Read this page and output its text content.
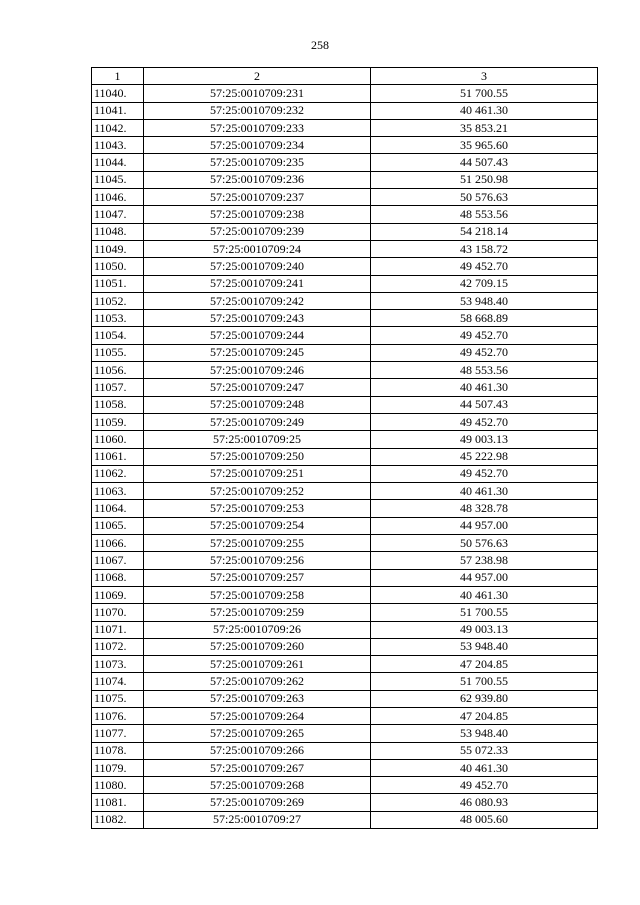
258
1	2	3
11040.	57:25:0010709:231	51 700.55
11041.	57:25:0010709:232	40 461.30
11042.	57:25:0010709:233	35 853.21
11043.	57:25:0010709:234	35 965.60
11044.	57:25:0010709:235	44 507.43
11045.	57:25:0010709:236	51 250.98
11046.	57:25:0010709:237	50 576.63
11047.	57:25:0010709:238	48 553.56
11048.	57:25:0010709:239	54 218.14
11049.	57:25:0010709:24	43 158.72
11050.	57:25:0010709:240	49 452.70
11051.	57:25:0010709:241	42 709.15
11052.	57:25:0010709:242	53 948.40
11053.	57:25:0010709:243	58 668.89
11054.	57:25:0010709:244	49 452.70
11055.	57:25:0010709:245	49 452.70
11056.	57:25:0010709:246	48 553.56
11057.	57:25:0010709:247	40 461.30
11058.	57:25:0010709:248	44 507.43
11059.	57:25:0010709:249	49 452.70
11060.	57:25:0010709:25	49 003.13
11061.	57:25:0010709:250	45 222.98
11062.	57:25:0010709:251	49 452.70
11063.	57:25:0010709:252	40 461.30
11064.	57:25:0010709:253	48 328.78
11065.	57:25:0010709:254	44 957.00
11066.	57:25:0010709:255	50 576.63
11067.	57:25:0010709:256	57 238.98
11068.	57:25:0010709:257	44 957.00
11069.	57:25:0010709:258	40 461.30
11070.	57:25:0010709:259	51 700.55
11071.	57:25:0010709:26	49 003.13
11072.	57:25:0010709:260	53 948.40
11073.	57:25:0010709:261	47 204.85
11074.	57:25:0010709:262	51 700.55
11075.	57:25:0010709:263	62 939.80
11076.	57:25:0010709:264	47 204.85
11077.	57:25:0010709:265	53 948.40
11078.	57:25:0010709:266	55 072.33
11079.	57:25:0010709:267	40 461.30
11080.	57:25:0010709:268	49 452.70
11081.	57:25:0010709:269	46 080.93
11082.	57:25:0010709:27	48 005.60
